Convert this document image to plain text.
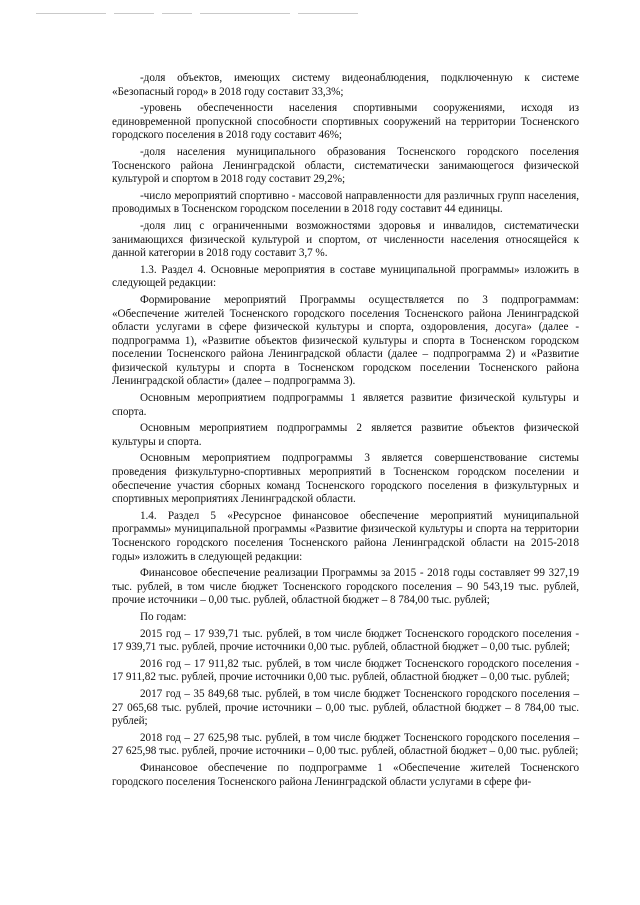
-доля объектов, имеющих систему видеонаблюдения, подключенную к системе «Безопасный город» в 2018 году составит 33,3%;

-уровень обеспеченности населения спортивными сооружениями, исходя из единовременной пропускной способности спортивных сооружений на территории Тосненского городского поселения в 2018 году составит 46%;

-доля населения муниципального образования Тосненского городского поселения Тосненского района Ленинградской области, систематически занимающегося физической культурой и спортом в 2018 году составит 29,2%;

-число мероприятий спортивно - массовой направленности для различных групп населения, проводимых в Тосненском городском поселении в 2018 году составит 44 единицы.

-доля лиц с ограниченными возможностями здоровья и инвалидов, систематически занимающихся физической культурой и спортом, от численности населения относящейся к данной категории в 2018 году составит 3,7 %.

1.3. Раздел 4. Основные мероприятия в составе муниципальной программы» изложить в следующей редакции:

Формирование мероприятий Программы осуществляется по 3 подпрограммам: «Обеспечение жителей Тосненского городского поселения Тосненского района Ленинградской области услугами в сфере физической культуры и спорта, оздоровления, досуга» (далее - подпрограмма 1), «Развитие объектов физической культуры и спорта в Тосненском городском поселении Тосненского района Ленинградской области (далее – подпрограмма 2) и «Развитие физической культуры и спорта в Тосненском городском поселении Тосненского района Ленинградской области» (далее – подпрограмма 3).

Основным мероприятием подпрограммы 1 является развитие физической культуры и спорта.

Основным мероприятием подпрограммы 2 является развитие объектов физической культуры и спорта.

Основным мероприятием подпрограммы 3 является совершенствование системы проведения физкультурно-спортивных мероприятий в Тосненском городском поселении и обеспечение участия сборных команд Тосненского городского поселения в физкультурных и спортивных мероприятиях Ленинградской области.

1.4. Раздел 5 «Ресурсное финансовое обеспечение мероприятий муниципальной программы» муниципальной программы «Развитие физической культуры и спорта на территории Тосненского городского поселения Тосненского района Ленинградской области на 2015-2018 годы» изложить в следующей редакции:

Финансовое обеспечение реализации Программы за 2015 - 2018 годы составляет 99 327,19 тыс. рублей, в том числе бюджет Тосненского городского поселения – 90 543,19 тыс. рублей, прочие источники – 0,00 тыс. рублей, областной бюджет – 8 784,00 тыс. рублей;

По годам:

2015 год – 17 939,71 тыс. рублей, в том числе бюджет Тосненского городского поселения - 17 939,71 тыс. рублей, прочие источники 0,00 тыс. рублей, областной бюджет – 0,00 тыс. рублей;

2016 год – 17 911,82 тыс. рублей, в том числе бюджет Тосненского городского поселения - 17 911,82 тыс. рублей, прочие источники 0,00 тыс. рублей, областной бюджет – 0,00 тыс. рублей;

2017 год – 35 849,68 тыс. рублей, в том числе бюджет Тосненского городского поселения – 27 065,68 тыс. рублей, прочие источники – 0,00 тыс. рублей, областной бюджет – 8 784,00 тыс. рублей;

2018 год – 27 625,98 тыс. рублей, в том числе бюджет Тосненского городского поселения – 27 625,98 тыс. рублей, прочие источники – 0,00 тыс. рублей, областной бюджет – 0,00 тыс. рублей;

Финансовое обеспечение по подпрограмме 1 «Обеспечение жителей Тосненского городского поселения Тосненского района Ленинградской области услугами в сфере фи-
